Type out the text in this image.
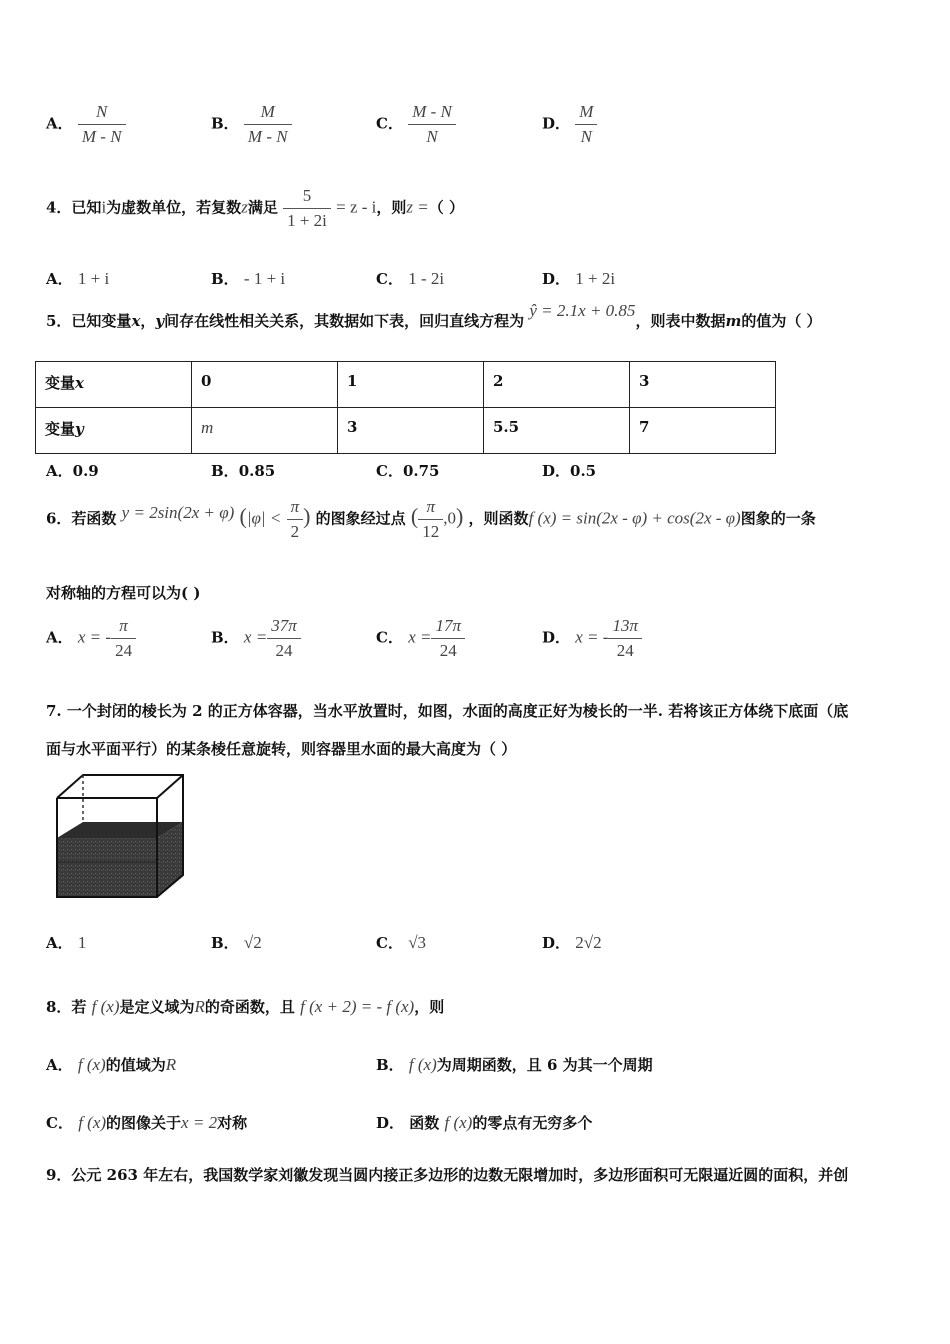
A． $\frac{N}{M - N}$	B． $\frac{M}{M - N}$	C． $\frac{M - N}{N}$	D． $\frac{M}{N}$
4．已知i为虚数单位，若复数z满足 $\frac{5}{1 + 2i} = z - i$，则z =（ ）
A． 1 + i	B． - 1 + i	C． 1 - 2i	D． 1 + 2i
5．已知变量x，y间存在线性相关关系，其数据如下表，回归直线方程为 ŷ = 2.1x + 0.85，则表中数据m的值为（ ）
变量x	0	1	2	3
变量y	m	3	5.5	7
A．0.9	B．0.85	C．0.75	D．0.5
6．若函数 y = 2sin(2x + φ) ($|\varphi| < \frac{\pi}{2}$ ) 的图象经过点 ( $\frac{\pi}{12} ,0$) ，则函数f (x) = sin(2x - φ) + cos(2x - φ)图象的一条
对称轴的方程可以为( )
A． x = - $\frac{\pi}{24}$	B． $x = \frac{37\pi}{24}$	C． $x = \frac{17\pi}{24}$	D． x = - $\frac{13\pi}{24}$
7. 一个封闭的棱长为 2 的正方体容器，当水平放置时，如图，水面的高度正好为棱长的一半. 若将该正方体绕下底面（底
面与水平面平行）的某条棱任意旋转，则容器里水面的最大高度为（ ）
A． 1	B． √2	C． √3	D． 2√2
8．若 f (x)是定义域为R的奇函数，且 f (x + 2) = - f (x)，则
A． f (x)的值域为R	B． f (x)为周期函数，且 6 为其一个周期
C． f (x)的图像关于x = 2对称	D． 函数 f (x)的零点有无穷多个
9．公元 263 年左右，我国数学家刘徽发现当圆内接正多边形的边数无限增加时，多边形面积可无限逼近圆的面积，并创
